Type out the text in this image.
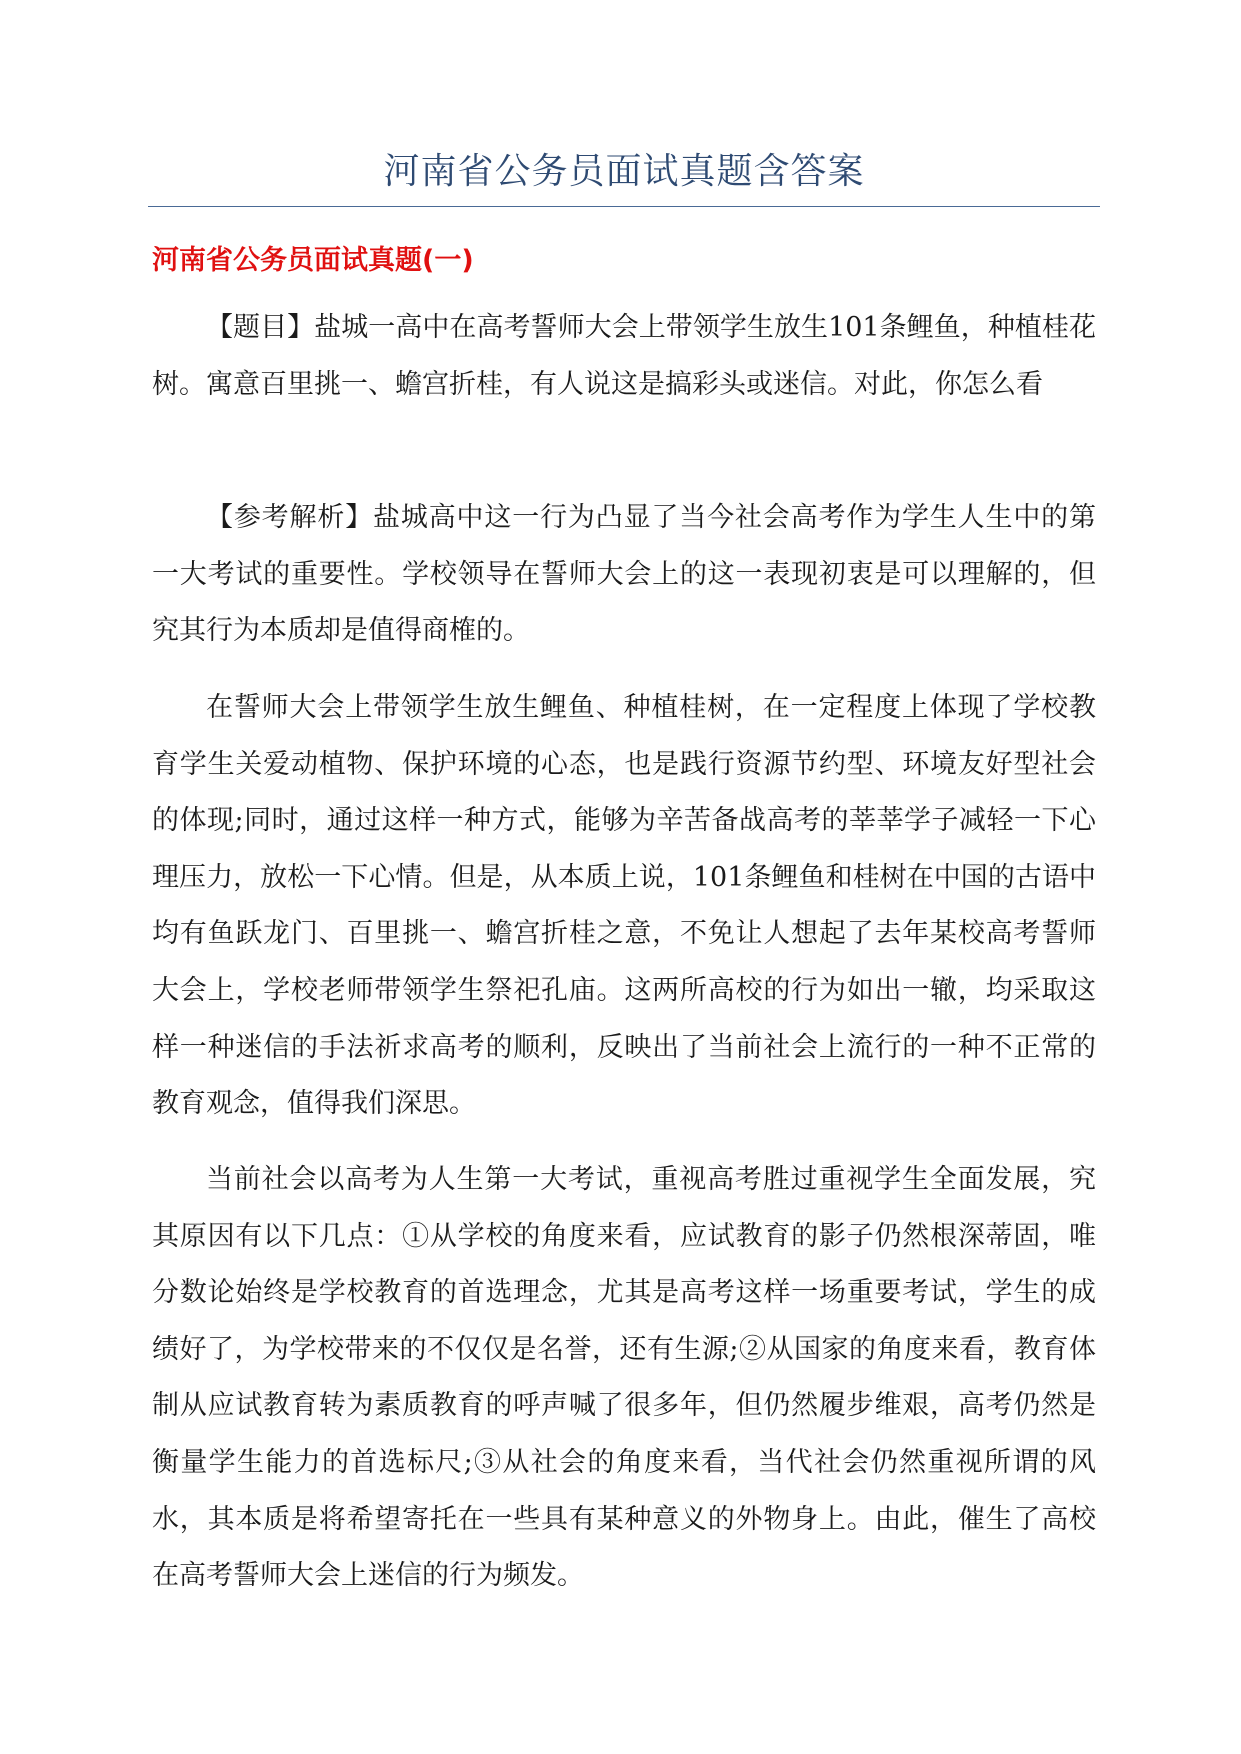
河南省公务员面试真题含答案
河南省公务员面试真题(一)

【题目】盐城一高中在高考誓师大会上带领学生放生101条鲤鱼，种植桂花树。寓意百里挑一、蟾宫折桂，有人说这是搞彩头或迷信。对此，你怎么看

【参考解析】盐城高中这一行为凸显了当今社会高考作为学生人生中的第一大考试的重要性。学校领导在誓师大会上的这一表现初衷是可以理解的，但究其行为本质却是值得商榷的。

在誓师大会上带领学生放生鲤鱼、种植桂树，在一定程度上体现了学校教育学生关爱动植物、保护环境的心态，也是践行资源节约型、环境友好型社会的体现;同时，通过这样一种方式，能够为辛苦备战高考的莘莘学子减轻一下心理压力，放松一下心情。但是，从本质上说，101条鲤鱼和桂树在中国的古语中均有鱼跃龙门、百里挑一、蟾宫折桂之意，不免让人想起了去年某校高考誓师大会上，学校老师带领学生祭祀孔庙。这两所高校的行为如出一辙，均采取这样一种迷信的手法祈求高考的顺利，反映出了当前社会上流行的一种不正常的教育观念，值得我们深思。

当前社会以高考为人生第一大考试，重视高考胜过重视学生全面发展，究其原因有以下几点：①从学校的角度来看，应试教育的影子仍然根深蒂固，唯分数论始终是学校教育的首选理念，尤其是高考这样一场重要考试，学生的成绩好了，为学校带来的不仅仅是名誉，还有生源;②从国家的角度来看，教育体制从应试教育转为素质教育的呼声喊了很多年，但仍然履步维艰，高考仍然是衡量学生能力的首选标尺;③从社会的角度来看，当代社会仍然重视所谓的风水，其本质是将希望寄托在一些具有某种意义的外物身上。由此，催生了高校在高考誓师大会上迷信的行为频发。
